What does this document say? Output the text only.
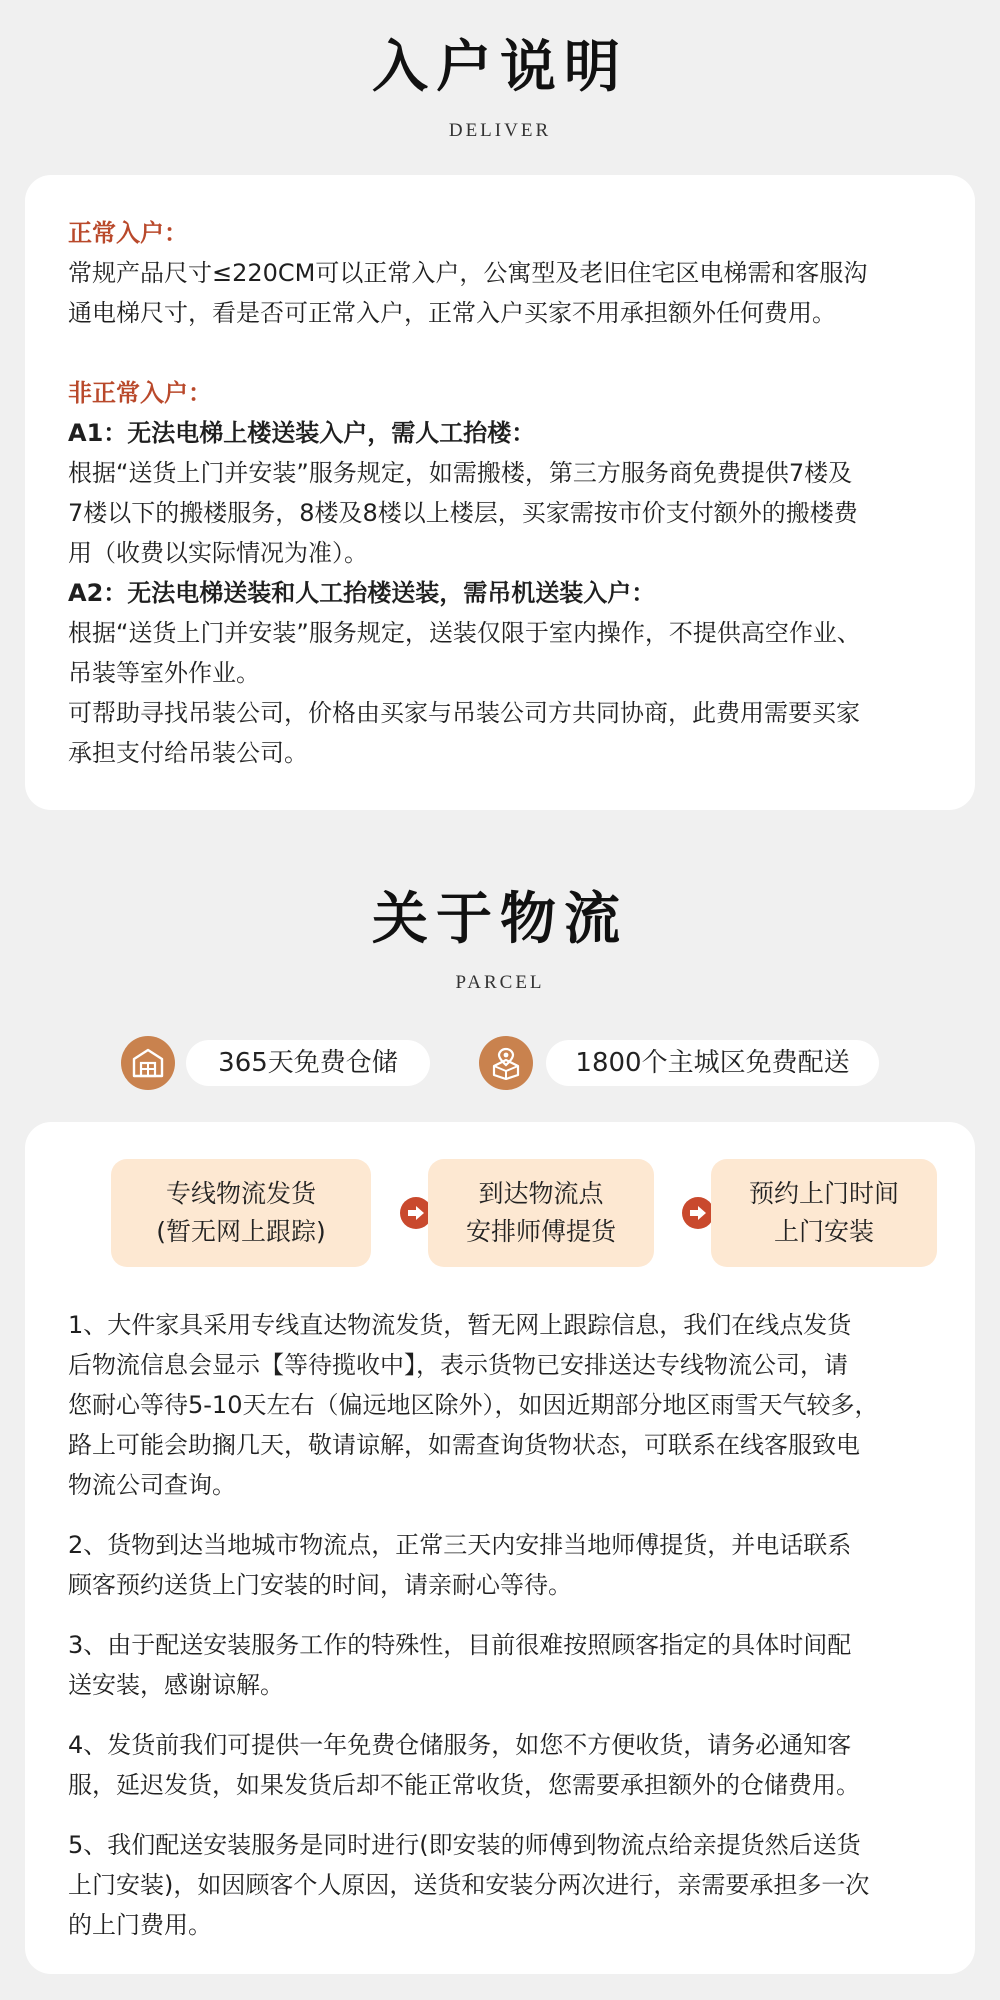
入户说明
DELIVER

正常入户：

常规产品尺寸≤220CM可以正常入户，公寓型及老旧住宅区电梯需和客服沟

通电梯尺寸，看是否可正常入户，正常入户买家不用承担额外任何费用。

非正常入户：

A1：无法电梯上楼送装入户，需人工抬楼：

根据“送货上门并安装”服务规定，如需搬楼，第三方服务商免费提供7楼及

7楼以下的搬楼服务，8楼及8楼以上楼层，买家需按市价支付额外的搬楼费

用（收费以实际情况为准）。

A2：无法电梯送装和人工抬楼送装，需吊机送装入户：

根据“送货上门并安装”服务规定，送装仅限于室内操作，不提供高空作业、

吊装等室外作业。

可帮助寻找吊装公司，价格由买家与吊装公司方共同协商，此费用需要买家

承担支付给吊装公司。

关于物流
PARCEL
365天免费仓储	1800个主城区免费配送
专线物流发货
(暂无网上跟踪)
到达物流点
安排师傅提货
预约上门时间
上门安装
1、大件家具采用专线直达物流发货，暂无网上跟踪信息，我们在线点发货
后物流信息会显示【等待揽收中】，表示货物已安排送达专线物流公司，请
您耐心等待5-10天左右（偏远地区除外），如因近期部分地区雨雪天气较多，
路上可能会助搁几天，敬请谅解，如需查询货物状态，可联系在线客服致电
物流公司查询。
2、货物到达当地城市物流点，正常三天内安排当地师傅提货，并电话联系
顾客预约送货上门安装的时间，请亲耐心等待。
3、由于配送安装服务工作的特殊性，目前很难按照顾客指定的具体时间配
送安装，感谢谅解。
4、发货前我们可提供一年免费仓储服务，如您不方便收货，请务必通知客
服，延迟发货，如果发货后却不能正常收货，您需要承担额外的仓储费用。
5、我们配送安装服务是同时进行(即安装的师傅到物流点给亲提货然后送货
上门安装)，如因顾客个人原因，送货和安装分两次进行，亲需要承担多一次
的上门费用。
